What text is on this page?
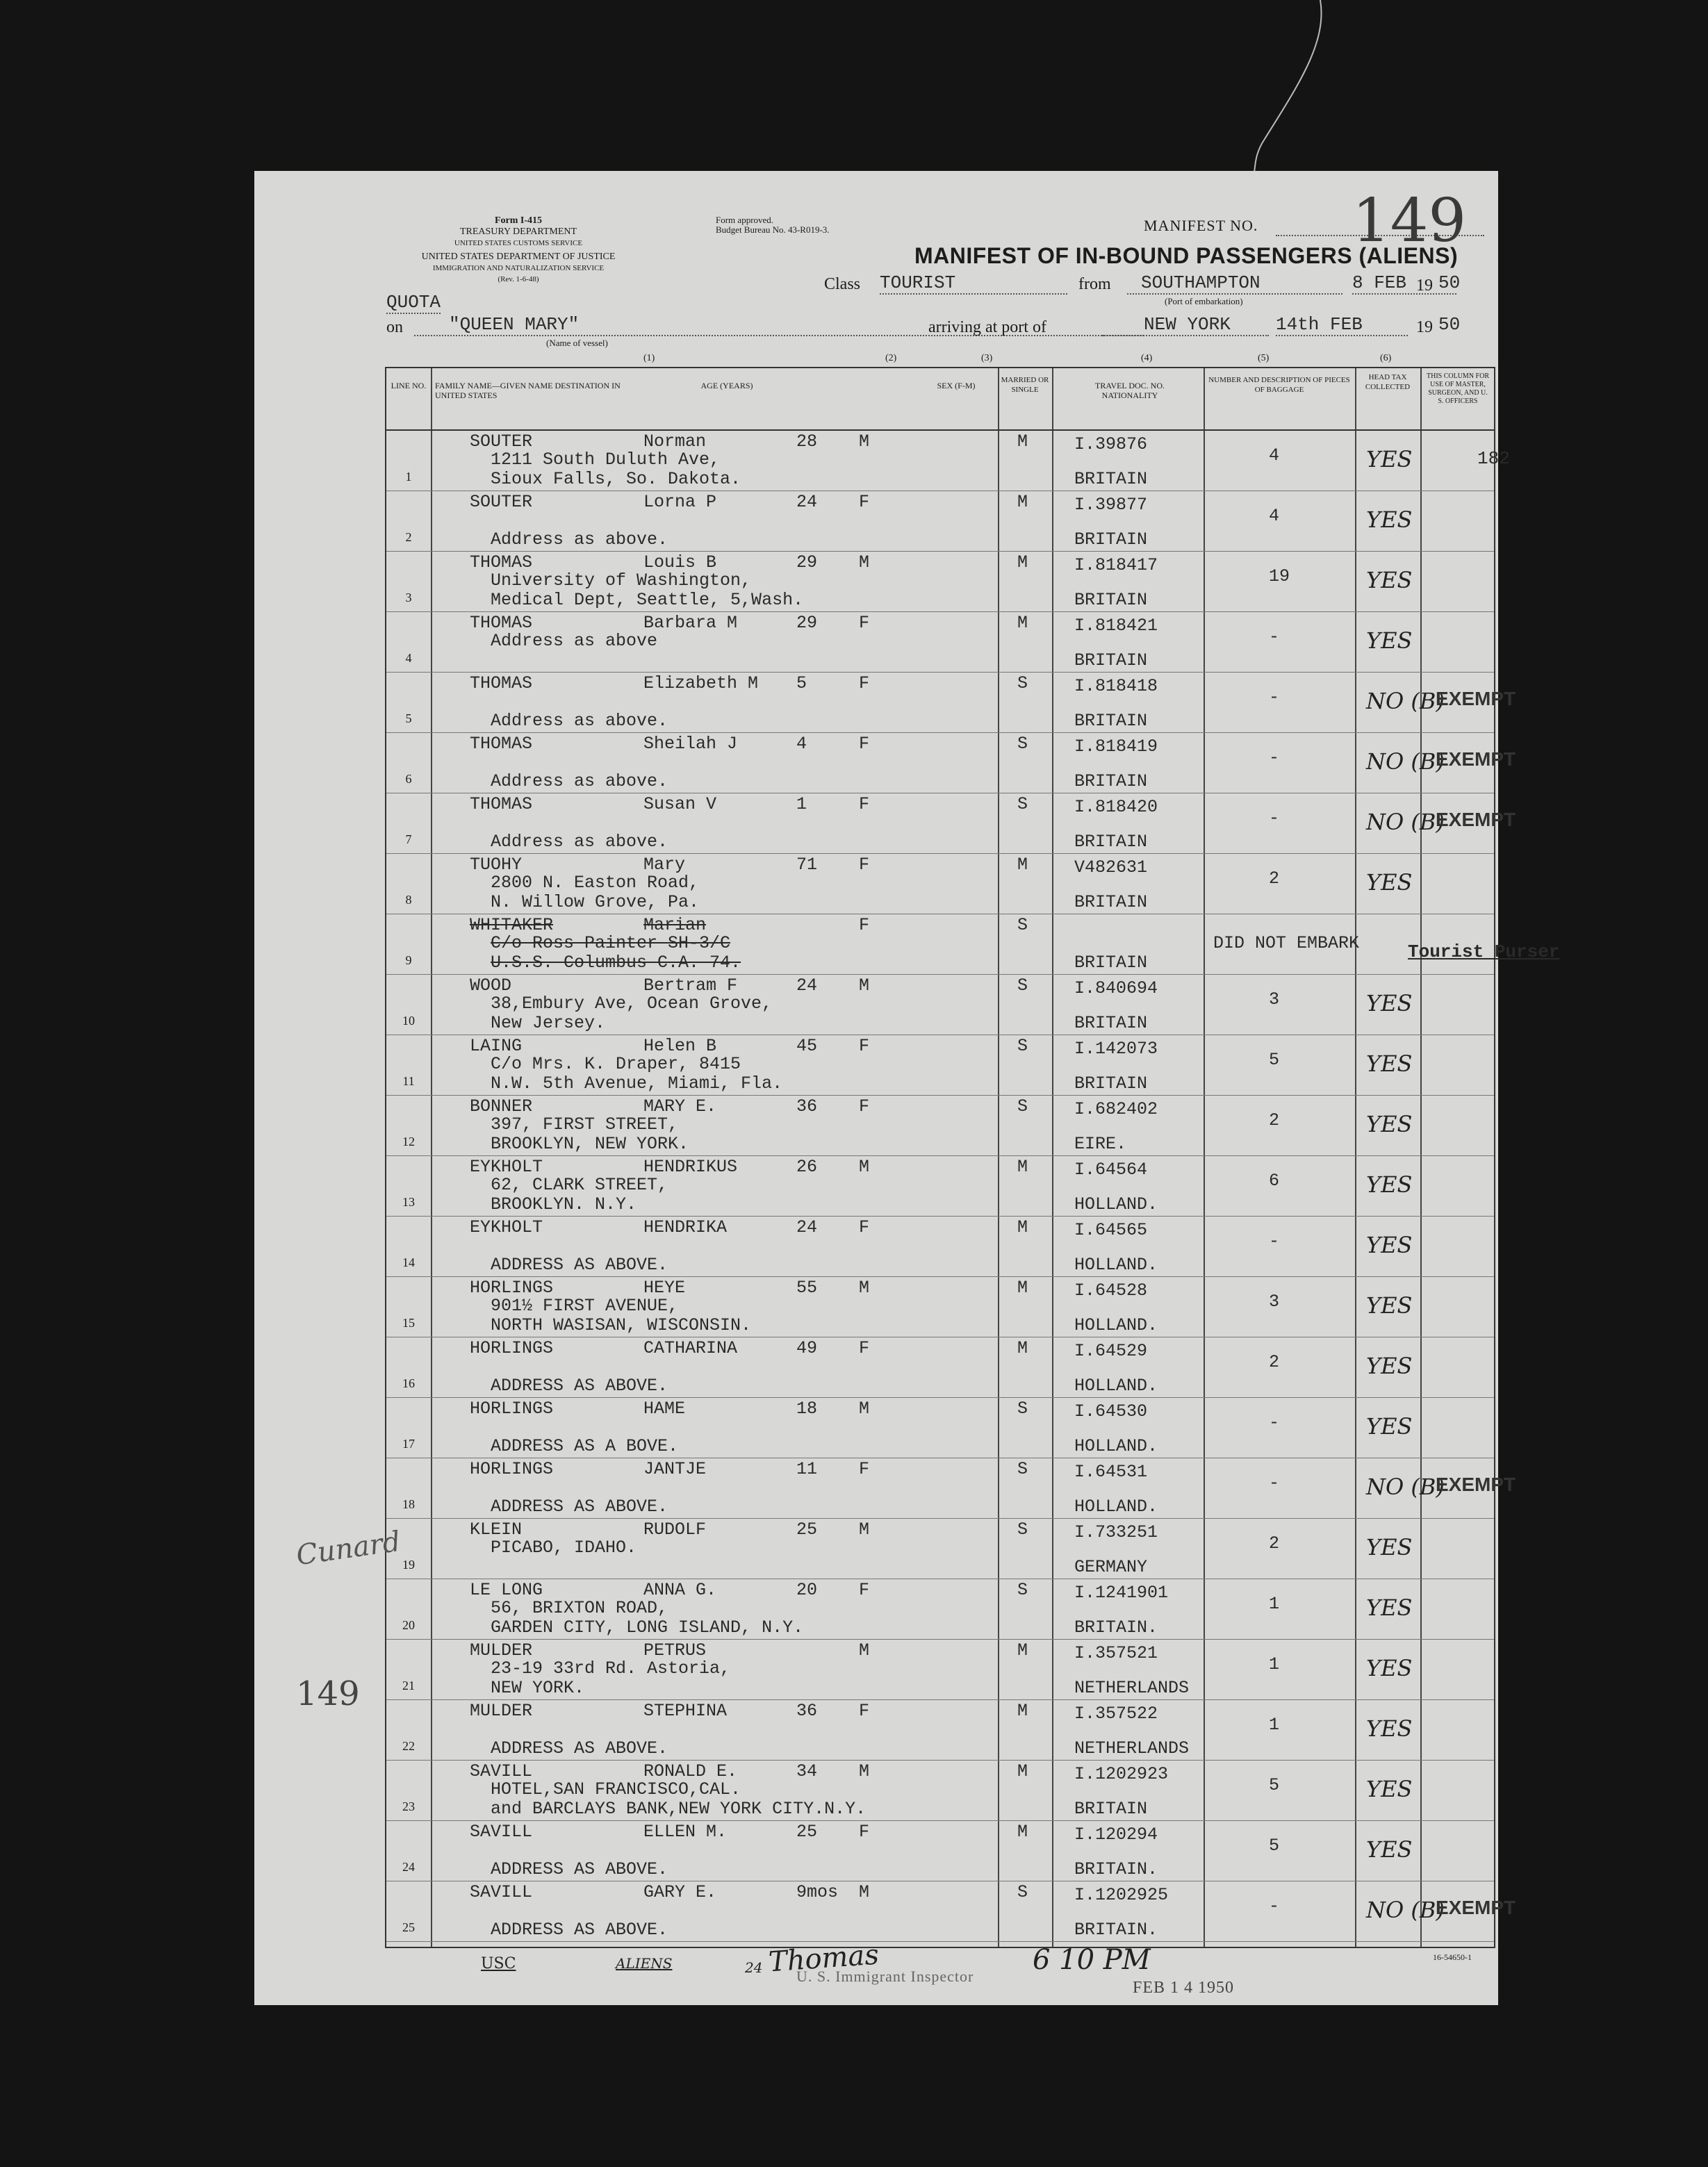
Form I-415
TREASURY DEPARTMENT
UNITED STATES CUSTOMS SERVICE
UNITED STATES DEPARTMENT OF JUSTICE
IMMIGRATION AND NATURALIZATION SERVICE
(Rev. 1-6-48)
Form approved.
Budget Bureau No. 43-R019-3.	MANIFEST NO. 149
MANIFEST OF IN-BOUND PASSENGERS (ALIENS)
Class TOURIST	from	SOUTHAMPTON
(Port of embarkation)
8 FEB 19 50
QUOTA
on	"QUEEN MARY"
(Name of vessel)
arriving at port of	NEW YORK	14th FEB	19 50
(1)	(2)	(3)	(4)	(5)	(6)
LINE NO. FAMILY NAME—GIVEN NAME DESTINATION IN UNITED STATES
AGE (YEARS)	SEX (F-M)
MARRIED OR SINGLE	TRAVEL DOC. NO. NATIONALITY
NUMBER AND DESCRIPTION OF PIECES OF BAGGAGE
HEAD TAX COLLECTED
THIS COLUMN FOR USE OF MASTER, SURGEON, AND U. S. OFFICERS
1
SOUTER	Norman	28 M	M
1211 South Duluth Ave,
Sioux Falls, So. Dakota.
I.39876
BRITAIN
4	YES	182
2
SOUTER	Lorna P	24 F	M
Address as above.
I.39877
BRITAIN
4	YES
3
THOMAS	Louis B	29 M	M
University of Washington,
Medical Dept, Seattle, 5,Wash.
I.818417
BRITAIN
19	YES
4
THOMAS	Barbara M	29 F	M
Address as above
I.818421
BRITAIN
-	YES
5
THOMAS	Elizabeth M 5	F	S
Address as above.
I.818418
BRITAIN
-	NO (B)
EXEMPT
6
THOMAS	Sheilah J	4	F	S
Address as above.
I.818419
BRITAIN
-	NO (B)
EXEMPT
7
THOMAS	Susan V	1	F	S
Address as above.
I.818420
BRITAIN
-	NO (B)
EXEMPT
8
TUOHY	Mary	71 F	M
2800 N. Easton Road,
N. Willow Grove, Pa.
V482631
BRITAIN
2	YES
9
WHITAKER	Marian	F	S
C/o Ross Painter SH-3/C
U.S.S. Columbus C.A. 74.	BRITAIN
DID NOT EMBARK	Tourist Purser
10
WOOD	Bertram F	24 M	S
38,Embury Ave, Ocean Grove,
New Jersey.
I.840694
BRITAIN
3	YES
11
LAING	Helen B	45 F	S
C/o Mrs. K. Draper, 8415
N.W. 5th Avenue, Miami, Fla.
I.142073
BRITAIN
5	YES
12
BONNER	MARY E.	36 F	S
397, FIRST STREET,
BROOKLYN, NEW YORK.
I.682402
EIRE.
2	YES
13
EYKHOLT	HENDRIKUS	26 M	M
62, CLARK STREET,
BROOKLYN. N.Y.
I.64564
HOLLAND.
6	YES
14
EYKHOLT	HENDRIKA	24 F	M
ADDRESS AS ABOVE.
I.64565
HOLLAND.
-	YES
15
HORLINGS	HEYE	55 M	M
901½ FIRST AVENUE,
NORTH WASISAN, WISCONSIN.
I.64528
HOLLAND.
3	YES
16
HORLINGS	CATHARINA	49 F	M
ADDRESS AS ABOVE.
I.64529
HOLLAND.
2	YES
17
HORLINGS	HAME	18 M	S
ADDRESS AS A BOVE.
I.64530
HOLLAND.
-	YES
18
HORLINGS	JANTJE	11 F	S
ADDRESS AS ABOVE.
I.64531
HOLLAND.
-	NO (B)
EXEMPT
19
KLEIN	RUDOLF	25 M	S
PICABO, IDAHO.
I.733251
GERMANY
2	YES
20
LE LONG	ANNA G.	20 F	S
56, BRIXTON ROAD,
GARDEN CITY, LONG ISLAND, N.Y.
I.1241901
BRITAIN.
1	YES
21
MULDER	PETRUS	M	M
23-19 33rd Rd. Astoria,
NEW YORK.
I.357521
NETHERLANDS
1	YES
22
MULDER	STEPHINA	36 F	M
ADDRESS AS ABOVE.
I.357522
NETHERLANDS
1	YES
23
SAVILL	RONALD E.	34 M	M
HOTEL,SAN FRANCISCO,CAL.
and BARCLAYS BANK,NEW YORK CITY.N.Y.
I.1202923
BRITAIN
5	YES
24
SAVILL	ELLEN M.	25 F	M
ADDRESS AS ABOVE.
I.120294
BRITAIN.
5	YES
25
SAVILL	GARY E.	9mos M	S
ADDRESS AS ABOVE.
I.1202925
BRITAIN.
-	NO (B)
EXEMPT
USC	ALIENS	24 Thomas
U. S. Immigrant Inspector
6 10 PM
FEB 1 4 1950
16-54650-1
Cunard
149
